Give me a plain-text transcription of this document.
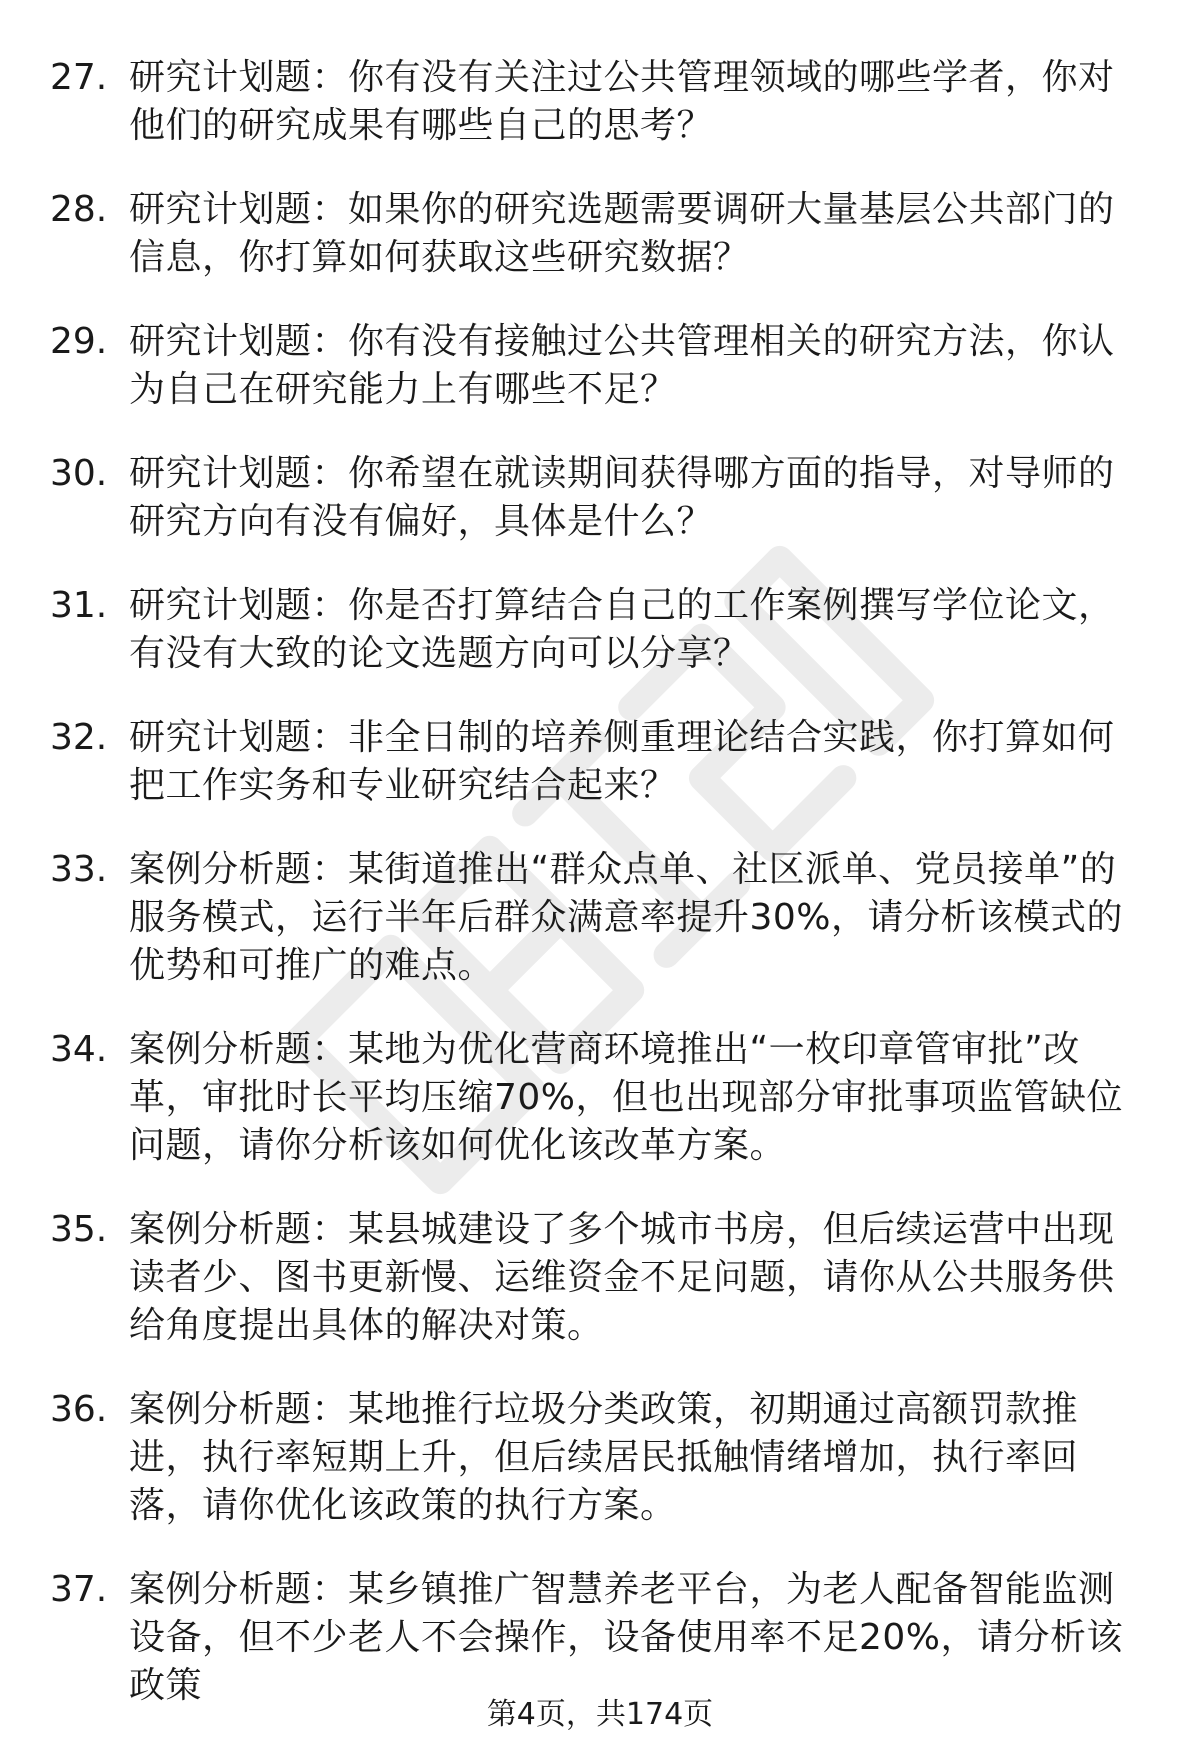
27. 研究计划题：你有没有关注过公共管理领域的哪些学者，你对他们的研究成果有哪些自己的思考？
28. 研究计划题：如果你的研究选题需要调研大量基层公共部门的信息，你打算如何获取这些研究数据？
29. 研究计划题：你有没有接触过公共管理相关的研究方法，你认为自己在研究能力上有哪些不足？
30. 研究计划题：你希望在就读期间获得哪方面的指导，对导师的研究方向有没有偏好，具体是什么？
31. 研究计划题：你是否打算结合自己的工作案例撰写学位论文，有没有大致的论文选题方向可以分享？
32. 研究计划题：非全日制的培养侧重理论结合实践，你打算如何把工作实务和专业研究结合起来？
33. 案例分析题：某街道推出“群众点单、社区派单、党员接单”的服务模式，运行半年后群众满意率提升30%，请分析该模式的优势和可推广的难点。
34. 案例分析题：某地为优化营商环境推出“一枚印章管审批”改革，审批时长平均压缩70%，但也出现部分审批事项监管缺位问题，请你分析该如何优化该改革方案。
35. 案例分析题：某县城建设了多个城市书房，但后续运营中出现读者少、图书更新慢、运维资金不足问题，请你从公共服务供给角度提出具体的解决对策。
36. 案例分析题：某地推行垃圾分类政策，初期通过高额罚款推进，执行率短期上升，但后续居民抵触情绪增加，执行率回落，请你优化该政策的执行方案。
37. 案例分析题：某乡镇推广智慧养老平台，为老人配备智能监测设备，但不少老人不会操作，设备使用率不足20%，请分析该政策
第4页，共174页
